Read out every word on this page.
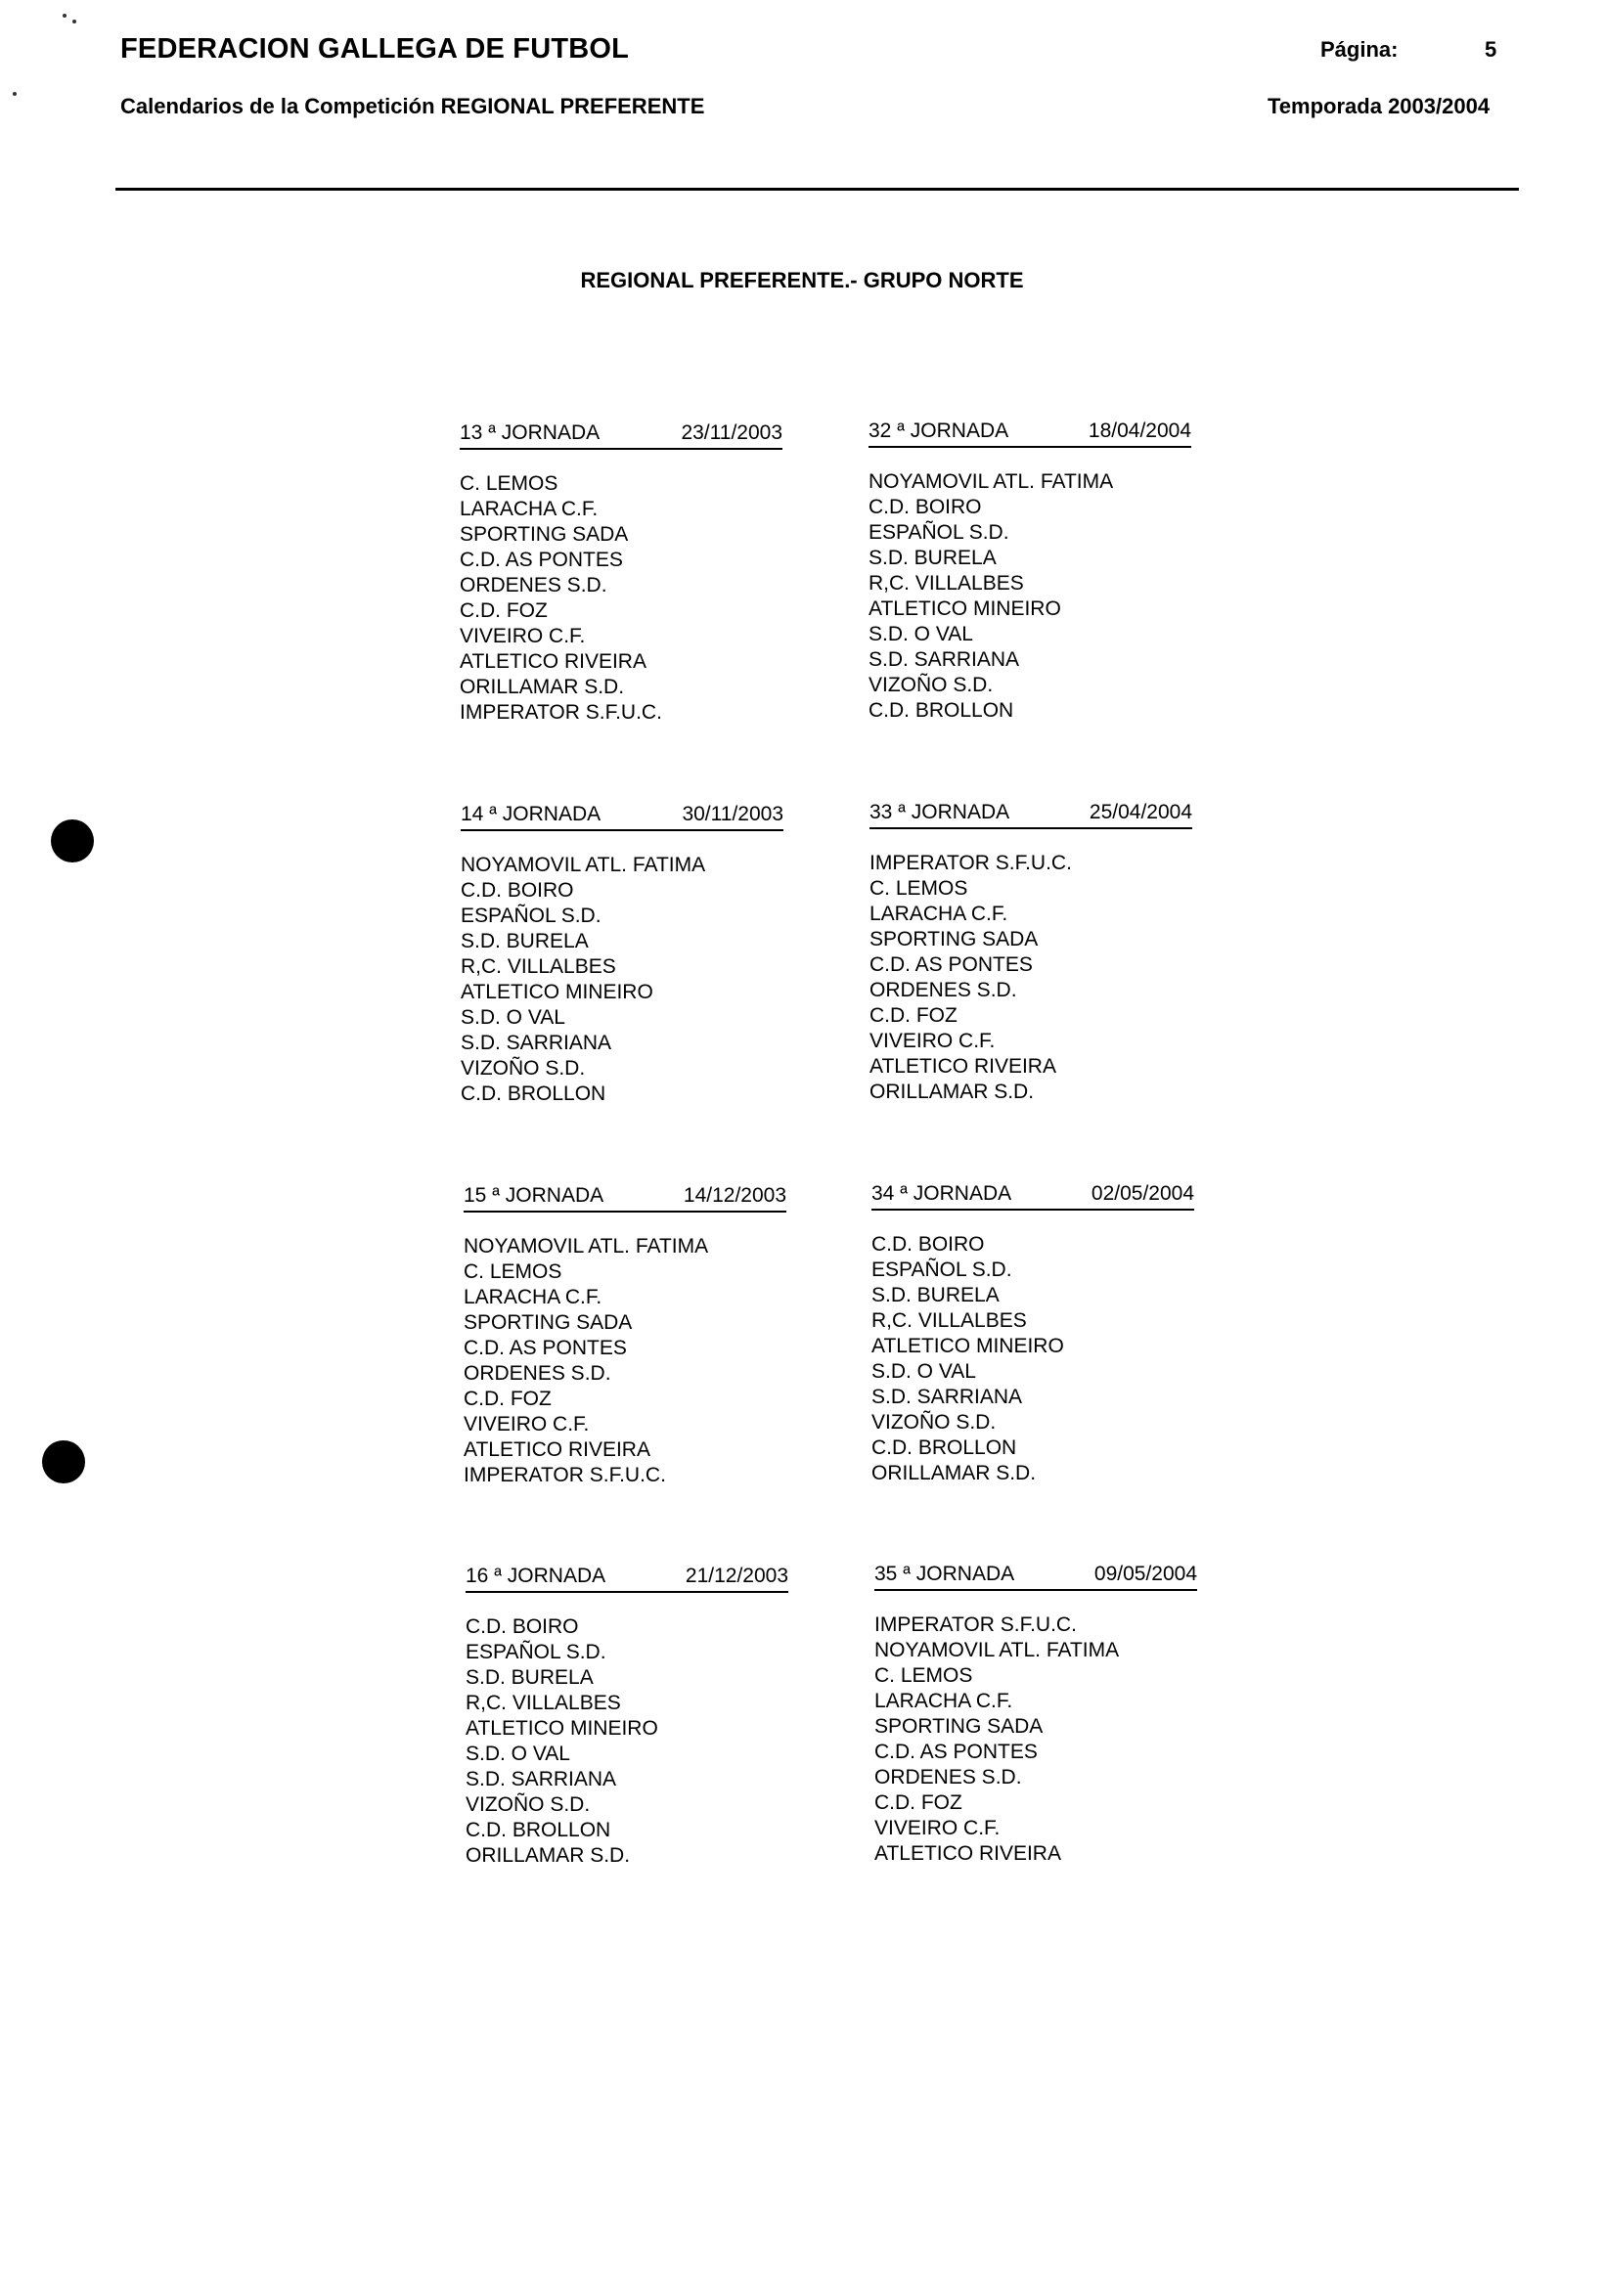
FEDERACION GALLEGA DE FUTBOL	Página:	5
Calendarios de la Competición REGIONAL PREFERENTE	Temporada 2003/2004
REGIONAL PREFERENTE.- GRUPO NORTE
13 ª JORNADA	23/11/2003
C. LEMOS
LARACHA C.F.
SPORTING SADA
C.D. AS PONTES
ORDENES S.D.
C.D. FOZ
VIVEIRO C.F.
ATLETICO RIVEIRA
ORILLAMAR S.D.
IMPERATOR S.F.U.C.
32 ª JORNADA	18/04/2004
NOYAMOVIL ATL. FATIMA
C.D. BOIRO
ESPAÑOL S.D.
S.D. BURELA
R,C. VILLALBES
ATLETICO MINEIRO
S.D. O VAL
S.D. SARRIANA
VIZOÑO S.D.
C.D. BROLLON
14 ª JORNADA	30/11/2003
NOYAMOVIL ATL. FATIMA
C.D. BOIRO
ESPAÑOL S.D.
S.D. BURELA
R,C. VILLALBES
ATLETICO MINEIRO
S.D. O VAL
S.D. SARRIANA
VIZOÑO S.D.
C.D. BROLLON
33 ª JORNADA	25/04/2004
IMPERATOR S.F.U.C.
C. LEMOS
LARACHA C.F.
SPORTING SADA
C.D. AS PONTES
ORDENES S.D.
C.D. FOZ
VIVEIRO C.F.
ATLETICO RIVEIRA
ORILLAMAR S.D.
15 ª JORNADA	14/12/2003
NOYAMOVIL ATL. FATIMA
C. LEMOS
LARACHA C.F.
SPORTING SADA
C.D. AS PONTES
ORDENES S.D.
C.D. FOZ
VIVEIRO C.F.
ATLETICO RIVEIRA
IMPERATOR S.F.U.C.
34 ª JORNADA	02/05/2004
C.D. BOIRO
ESPAÑOL S.D.
S.D. BURELA
R,C. VILLALBES
ATLETICO MINEIRO
S.D. O VAL
S.D. SARRIANA
VIZOÑO S.D.
C.D. BROLLON
ORILLAMAR S.D.
16 ª JORNADA	21/12/2003
C.D. BOIRO
ESPAÑOL S.D.
S.D. BURELA
R,C. VILLALBES
ATLETICO MINEIRO
S.D. O VAL
S.D. SARRIANA
VIZOÑO S.D.
C.D. BROLLON
ORILLAMAR S.D.
35 ª JORNADA	09/05/2004
IMPERATOR S.F.U.C.
NOYAMOVIL ATL. FATIMA
C. LEMOS
LARACHA C.F.
SPORTING SADA
C.D. AS PONTES
ORDENES S.D.
C.D. FOZ
VIVEIRO C.F.
ATLETICO RIVEIRA
